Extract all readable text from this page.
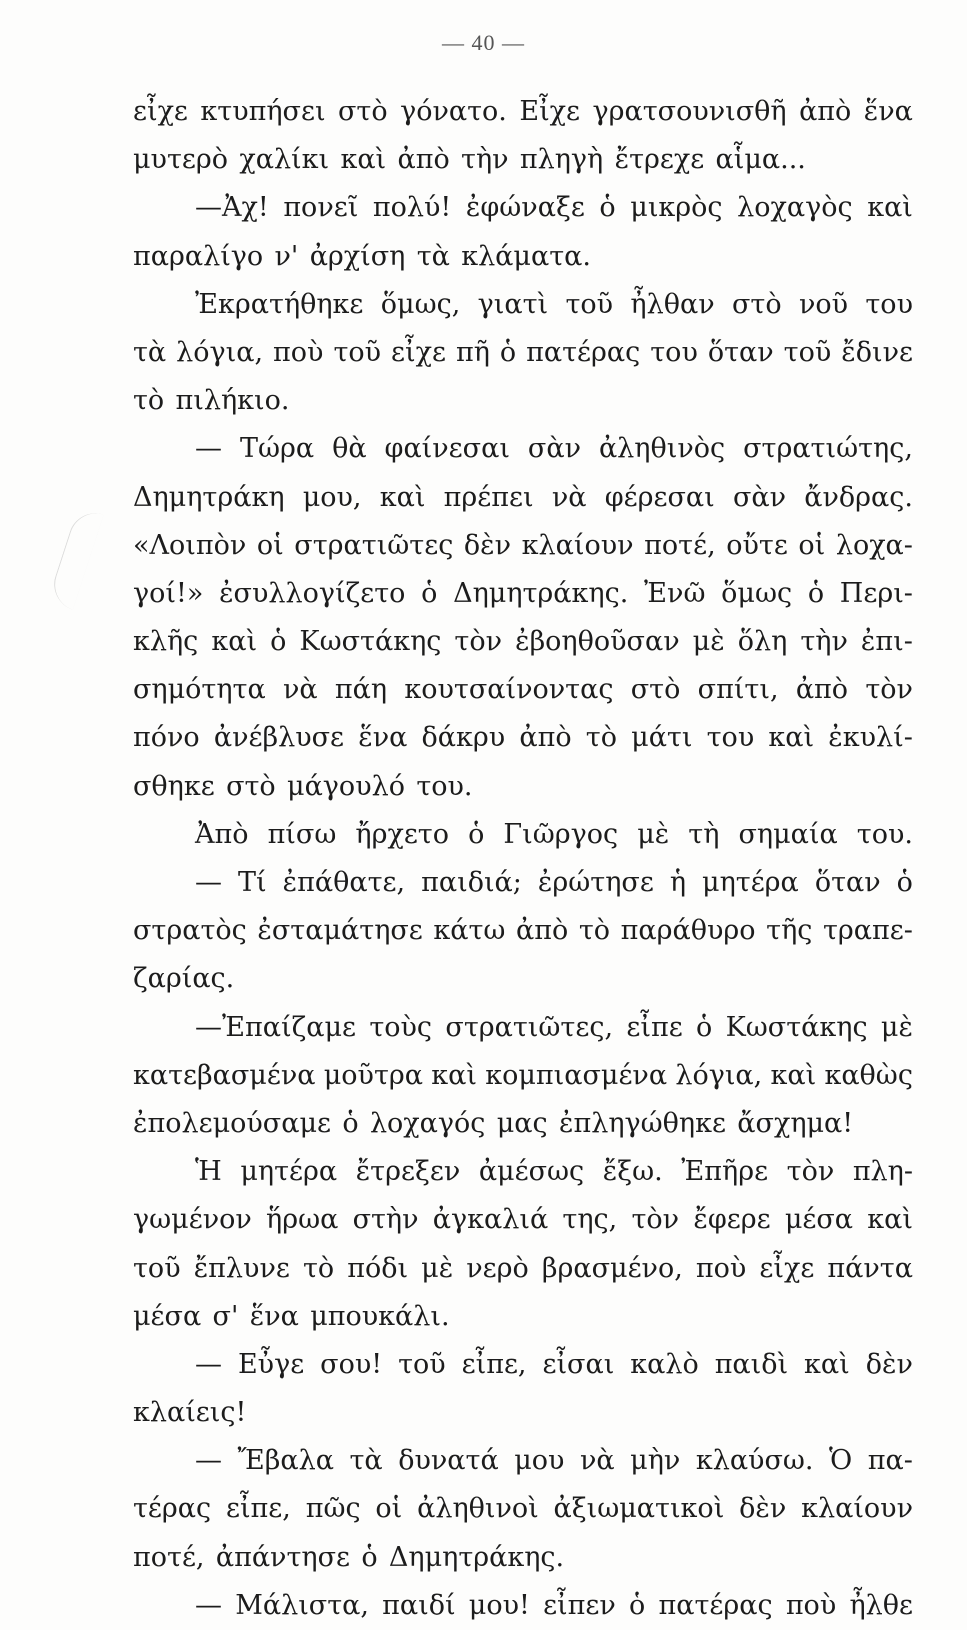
— 40 —
εἶχε κτυπήσει στὸ γόνατο. Εἶχε γρατσουνισθῆ ἀπὸ ἕνα
μυτερὸ χαλίκι καὶ ἀπὸ τὴν πληγὴ ἔτρεχε αἷμα...
—Ἀχ! πονεῖ πολύ! ἐφώναξε ὁ μικρὸς λοχαγὸς καὶ
παραλίγο ν' ἀρχίση τὰ κλάματα.
Ἐκρατήθηκε ὅμως, γιατὶ τοῦ ἦλθαν στὸ νοῦ του
τὰ λόγια, ποὺ τοῦ εἶχε πῆ ὁ πατέρας του ὅταν τοῦ ἔδινε
τὸ πιλήκιο.
— Τώρα θὰ φαίνεσαι σὰν ἀληθινὸς στρατιώτης,
Δημητράκη μου, καὶ πρέπει νὰ φέρεσαι σὰν ἄνδρας.
«Λοιπὸν οἱ στρατιῶτες δὲν κλαίουν ποτέ, οὔτε οἱ λοχα-
γοί!» ἐσυλλογίζετο ὁ Δημητράκης. Ἐνῶ ὅμως ὁ Περι-
κλῆς καὶ ὁ Κωστάκης τὸν ἐβοηθοῦσαν μὲ ὅλη τὴν ἐπι-
σημότητα νὰ πάη κουτσαίνοντας στὸ σπίτι, ἀπὸ τὸν
πόνο ἀνέβλυσε ἕνα δάκρυ ἀπὸ τὸ μάτι του καὶ ἐκυλί-
σθηκε στὸ μάγουλό του.
Ἀπὸ πίσω ἤρχετο ὁ Γιῶργος μὲ τὴ σημαία του.
— Τί ἐπάθατε, παιδιά; ἐρώτησε ἡ μητέρα ὅταν ὁ
στρατὸς ἐσταμάτησε κάτω ἀπὸ τὸ παράθυρο τῆς τραπε-
ζαρίας.
—Ἐπαίζαμε τοὺς στρατιῶτες, εἶπε ὁ Κωστάκης μὲ
κατεβασμένα μοῦτρα καὶ κομπιασμένα λόγια, καὶ καθὼς
ἐπολεμούσαμε ὁ λοχαγός μας ἐπληγώθηκε ἄσχημα!
Ἡ μητέρα ἔτρεξεν ἀμέσως ἔξω. Ἐπῆρε τὸν πλη-
γωμένον ἥρωα στὴν ἀγκαλιά της, τὸν ἔφερε μέσα καὶ
τοῦ ἔπλυνε τὸ πόδι μὲ νερὸ βρασμένο, ποὺ εἶχε πάντα
μέσα σ' ἕνα μπουκάλι.
— Εὖγε σου! τοῦ εἶπε, εἶσαι καλὸ παιδὶ καὶ δὲν
κλαίεις!
— Ἔβαλα τὰ δυνατά μου νὰ μὴν κλαύσω. Ὁ πα-
τέρας εἶπε, πῶς οἱ ἀληθινοὶ ἀξιωματικοὶ δὲν κλαίουν
ποτέ, ἀπάντησε ὁ Δημητράκης.
— Μάλιστα, παιδί μου! εἶπεν ὁ πατέρας ποὺ ἦλθε
